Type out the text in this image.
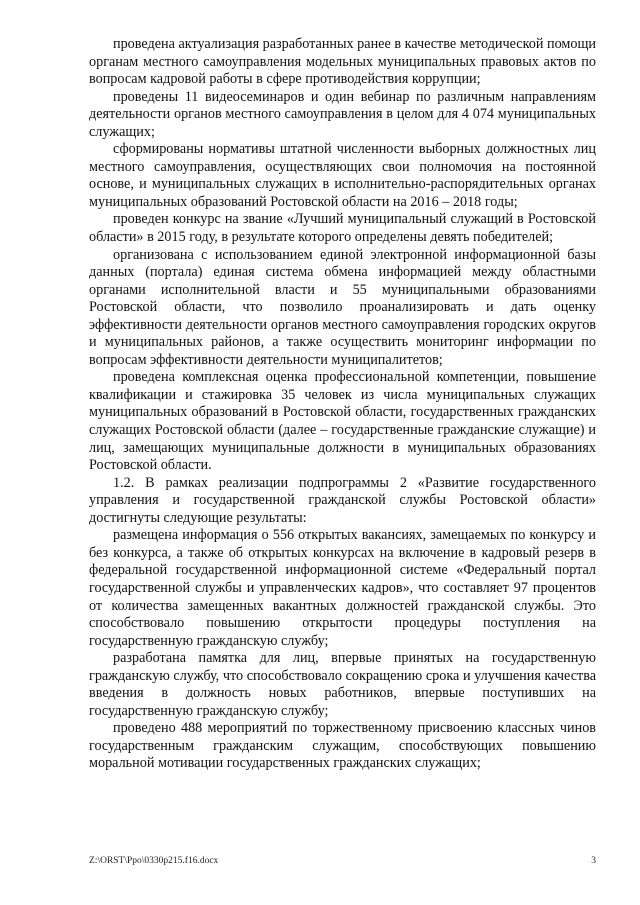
проведена актуализация разработанных ранее в качестве методической помощи органам местного самоуправления модельных муниципальных правовых актов по вопросам кадровой работы в сфере противодействия коррупции;

проведены 11 видеосеминаров и один вебинар по различным направлениям деятельности органов местного самоуправления в целом для 4 074 муниципальных служащих;

сформированы нормативы штатной численности выборных должностных лиц местного самоуправления, осуществляющих свои полномочия на постоянной основе, и муниципальных служащих в исполнительно-распорядительных органах муниципальных образований Ростовской области на 2016 – 2018 годы;

проведен конкурс на звание «Лучший муниципальный служащий в Ростовской области» в 2015 году, в результате которого определены девять победителей;

организована с использованием единой электронной информационной базы данных (портала) единая система обмена информацией между областными органами исполнительной власти и 55 муниципальными образованиями Ростовской области, что позволило проанализировать и дать оценку эффективности деятельности органов местного самоуправления городских округов и муниципальных районов, а также осуществить мониторинг информации по вопросам эффективности деятельности муниципалитетов;

проведена комплексная оценка профессиональной компетенции, повышение квалификации и стажировка 35 человек из числа муниципальных служащих муниципальных образований в Ростовской области, государственных гражданских служащих Ростовской области (далее – государственные гражданские служащие) и лиц, замещающих муниципальные должности в муниципальных образованиях Ростовской области.

1.2. В рамках реализации подпрограммы 2 «Развитие государственного управления и государственной гражданской службы Ростовской области» достигнуты следующие результаты:

размещена информация о 556 открытых вакансиях, замещаемых по конкурсу и без конкурса, а также об открытых конкурсах на включение в кадровый резерв в федеральной государственной информационной системе «Федеральный портал государственной службы и управленческих кадров», что составляет 97 процентов от количества замещенных вакантных должностей гражданской службы. Это способствовало повышению открытости процедуры поступления на государственную гражданскую службу;

разработана памятка для лиц, впервые принятых на государственную гражданскую службу, что способствовало сокращению срока и улучшения качества введения в должность новых работников, впервые поступивших на государственную гражданскую службу;

проведено 488 мероприятий по торжественному присвоению классных чинов государственным гражданским служащим, способствующих повышению моральной мотивации государственных гражданских служащих;

Z:\ORST\Ppo\0330p215.f16.docx	3
